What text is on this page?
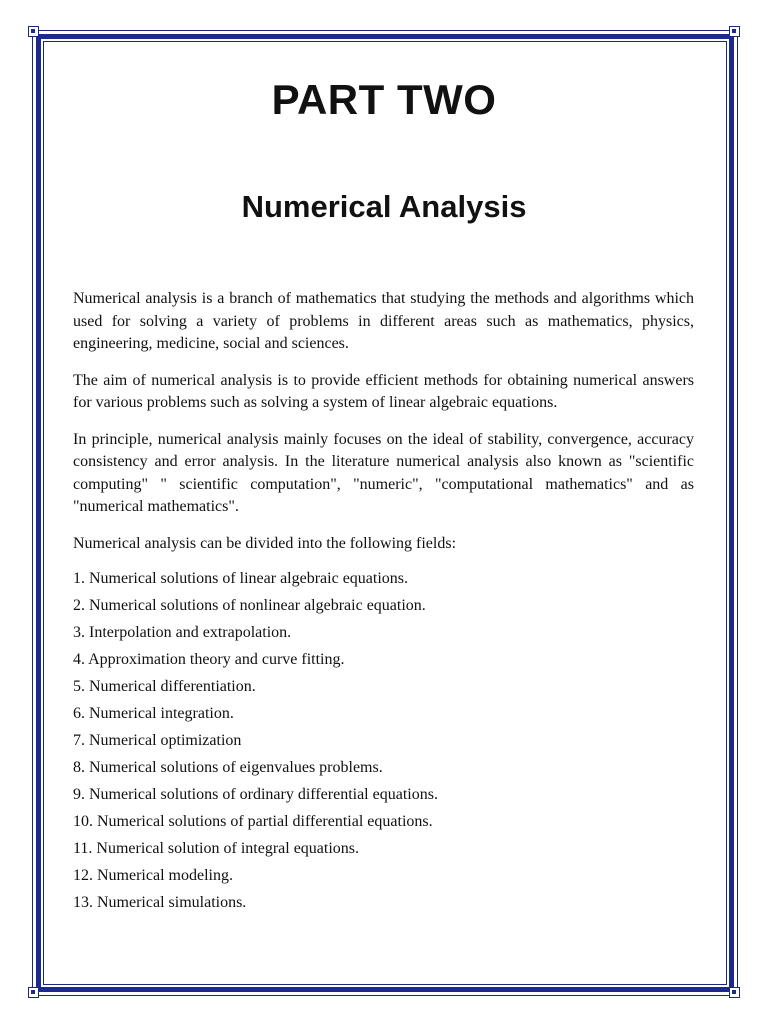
PART TWO
Numerical Analysis

Numerical analysis is a branch of mathematics that studying the methods and algorithms which used for solving a variety of problems in different areas such as mathematics, physics, engineering, medicine, social and sciences.

The aim of numerical analysis is to provide efficient methods for obtaining numerical answers for various problems such as solving a system of linear algebraic equations.

In principle, numerical analysis mainly focuses on the ideal of stability, convergence, accuracy consistency and error analysis. In the literature numerical analysis also known as "scientific computing" " scientific computation", "numeric", "computational mathematics" and as "numerical mathematics".

Numerical analysis can be divided into the following fields:

1. Numerical solutions of linear algebraic equations.
2. Numerical solutions of nonlinear algebraic equation.
3. Interpolation and extrapolation.
4. Approximation theory and curve fitting.
5. Numerical differentiation.
6. Numerical integration.
7. Numerical optimization
8. Numerical solutions of eigenvalues problems.
9. Numerical solutions of ordinary differential equations.
10. Numerical solutions of partial differential equations.
11. Numerical solution of integral equations.
12. Numerical modeling.
13. Numerical simulations.
